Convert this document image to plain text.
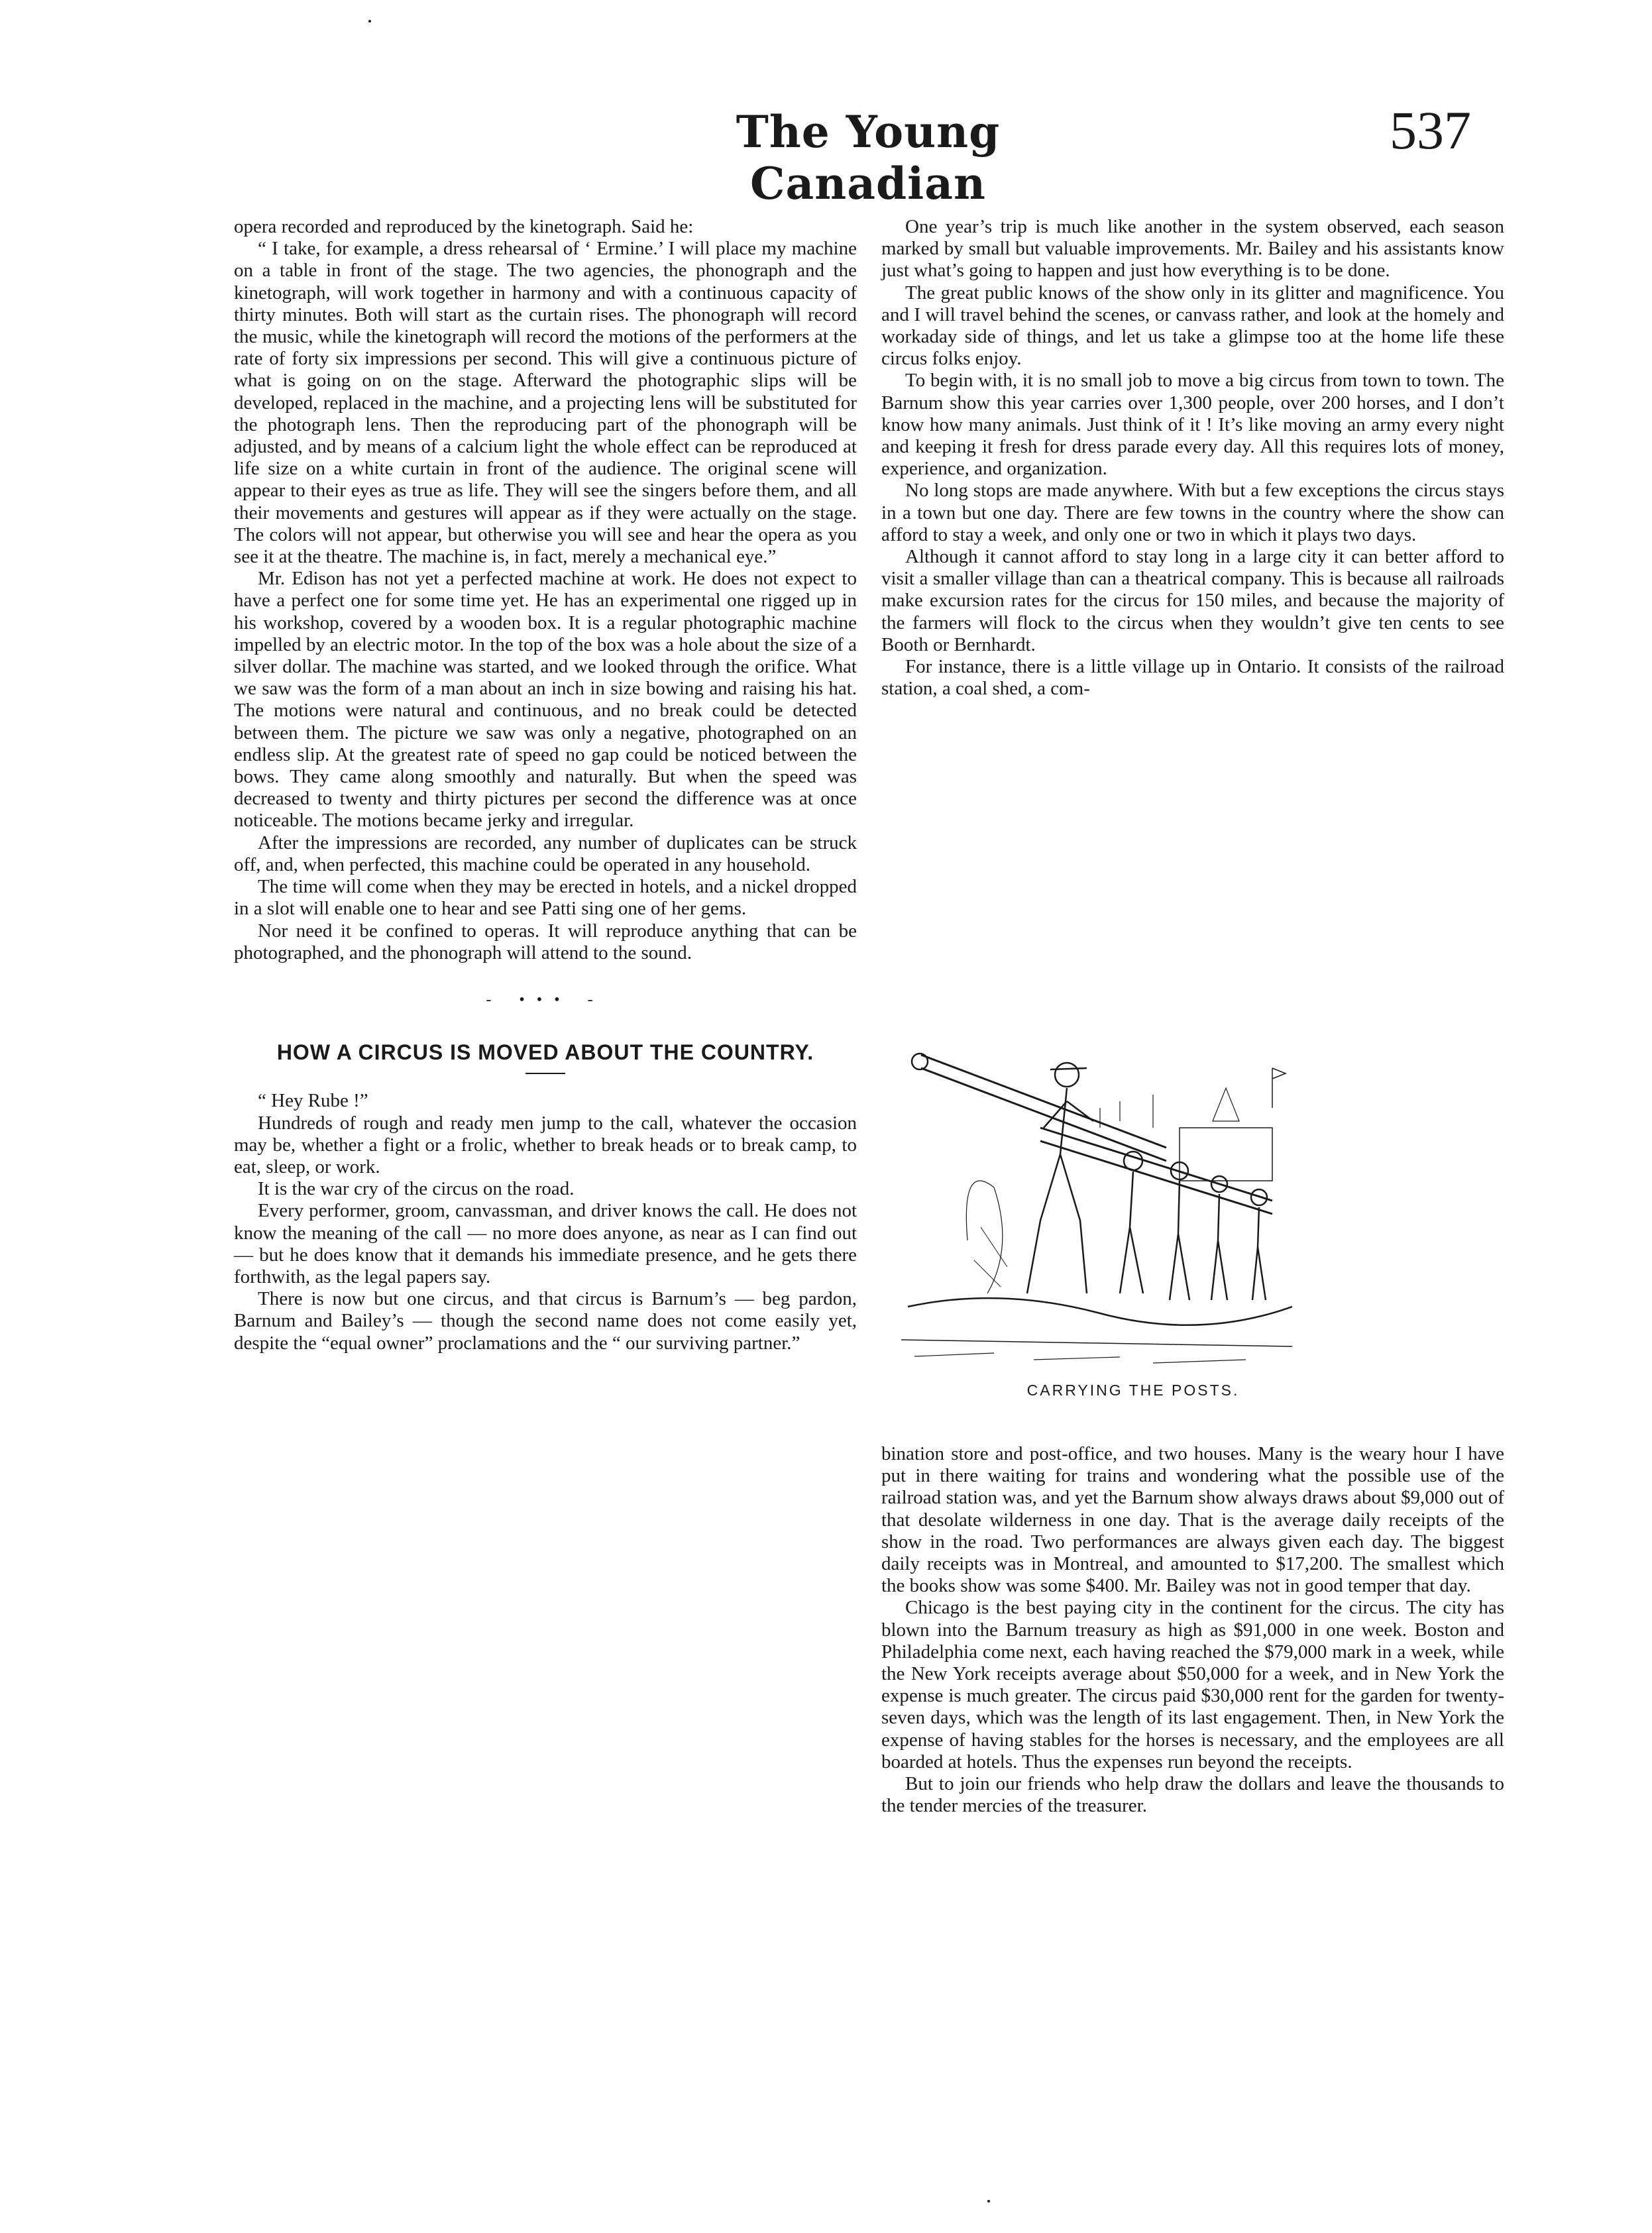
The Young Canadian
537

opera recorded and reproduced by the kinetograph. Said he:

“ I take, for example, a dress rehearsal of ‘ Ermine.’ I will place my machine on a table in front of the stage. The two agencies, the phonograph and the kinetograph, will work together in harmony and with a continuous capacity of thirty minutes. Both will start as the curtain rises. The phonograph will record the music, while the kinetograph will record the motions of the performers at the rate of forty six impressions per second. This will give a continuous picture of what is going on on the stage. Afterward the photographic slips will be developed, replaced in the machine, and a projecting lens will be substituted for the photograph lens. Then the reproducing part of the phonograph will be adjusted, and by means of a calcium light the whole effect can be reproduced at life size on a white curtain in front of the audience. The original scene will appear to their eyes as true as life. They will see the singers before them, and all their movements and gestures will appear as if they were actually on the stage. The colors will not appear, but otherwise you will see and hear the opera as you see it at the theatre. The machine is, in fact, merely a mechanical eye.”

Mr. Edison has not yet a perfected machine at work. He does not expect to have a perfect one for some time yet. He has an experimental one rigged up in his workshop, covered by a wooden box. It is a regular photographic machine impelled by an electric motor. In the top of the box was a hole about the size of a silver dollar. The machine was started, and we looked through the orifice. What we saw was the form of a man about an inch in size bowing and raising his hat. The motions were natural and continuous, and no break could be detected between them. The picture we saw was only a negative, photographed on an endless slip. At the greatest rate of speed no gap could be noticed between the bows. They came along smoothly and naturally. But when the speed was decreased to twenty and thirty pictures per second the difference was at once noticeable. The motions became jerky and irregular.

After the impressions are recorded, any number of duplicates can be struck off, and, when perfected, this machine could be operated in any household.

The time will come when they may be erected in hotels, and a nickel dropped in a slot will enable one to hear and see Patti sing one of her gems.

Nor need it be confined to operas. It will reproduce anything that can be photographed, and the phonograph will attend to the sound.

- ••• -
HOW A CIRCUS IS MOVED ABOUT THE COUNTRY.

“ Hey Rube !”

Hundreds of rough and ready men jump to the call, whatever the occasion may be, whether a fight or a frolic, whether to break heads or to break camp, to eat, sleep, or work.

It is the war cry of the circus on the road.

Every performer, groom, canvassman, and driver knows the call. He does not know the meaning of the call — no more does anyone, as near as I can find out — but he does know that it demands his immediate presence, and he gets there forthwith, as the legal papers say.

There is now but one circus, and that circus is Barnum’s — beg pardon, Barnum and Bailey’s — though the second name does not come easily yet, despite the “equal owner” proclamations and the “ our surviving partner.”

One year’s trip is much like another in the system observed, each season marked by small but valuable improvements. Mr. Bailey and his assistants know just what’s going to happen and just how everything is to be done.

The great public knows of the show only in its glitter and magnificence. You and I will travel behind the scenes, or canvass rather, and look at the homely and workaday side of things, and let us take a glimpse too at the home life these circus folks enjoy.

To begin with, it is no small job to move a big circus from town to town. The Barnum show this year carries over 1,300 people, over 200 horses, and I don’t know how many animals. Just think of it ! It’s like moving an army every night and keeping it fresh for dress parade every day. All this requires lots of money, experience, and organization.

No long stops are made anywhere. With but a few exceptions the circus stays in a town but one day. There are few towns in the country where the show can afford to stay a week, and only one or two in which it plays two days.

Although it cannot afford to stay long in a large city it can better afford to visit a smaller village than can a theatrical company. This is because all railroads make excursion rates for the circus for 150 miles, and because the majority of the farmers will flock to the circus when they wouldn’t give ten cents to see Booth or Bernhardt.

For instance, there is a little village up in Ontario. It consists of the railroad station, a coal shed, a com-

CARRYING THE POSTS.

bination store and post-office, and two houses. Many is the weary hour I have put in there waiting for trains and wondering what the possible use of the railroad station was, and yet the Barnum show always draws about $9,000 out of that desolate wilderness in one day. That is the average daily receipts of the show in the road. Two performances are always given each day. The biggest daily receipts was in Montreal, and amounted to $17,200. The smallest which the books show was some $400. Mr. Bailey was not in good temper that day.

Chicago is the best paying city in the continent for the circus. The city has blown into the Barnum treasury as high as $91,000 in one week. Boston and Philadelphia come next, each having reached the $79,000 mark in a week, while the New York receipts average about $50,000 for a week, and in New York the expense is much greater. The circus paid $30,000 rent for the garden for twenty-seven days, which was the length of its last engagement. Then, in New York the expense of having stables for the horses is necessary, and the employees are all boarded at hotels. Thus the expenses run beyond the receipts.

But to join our friends who help draw the dollars and leave the thousands to the tender mercies of the treasurer.
